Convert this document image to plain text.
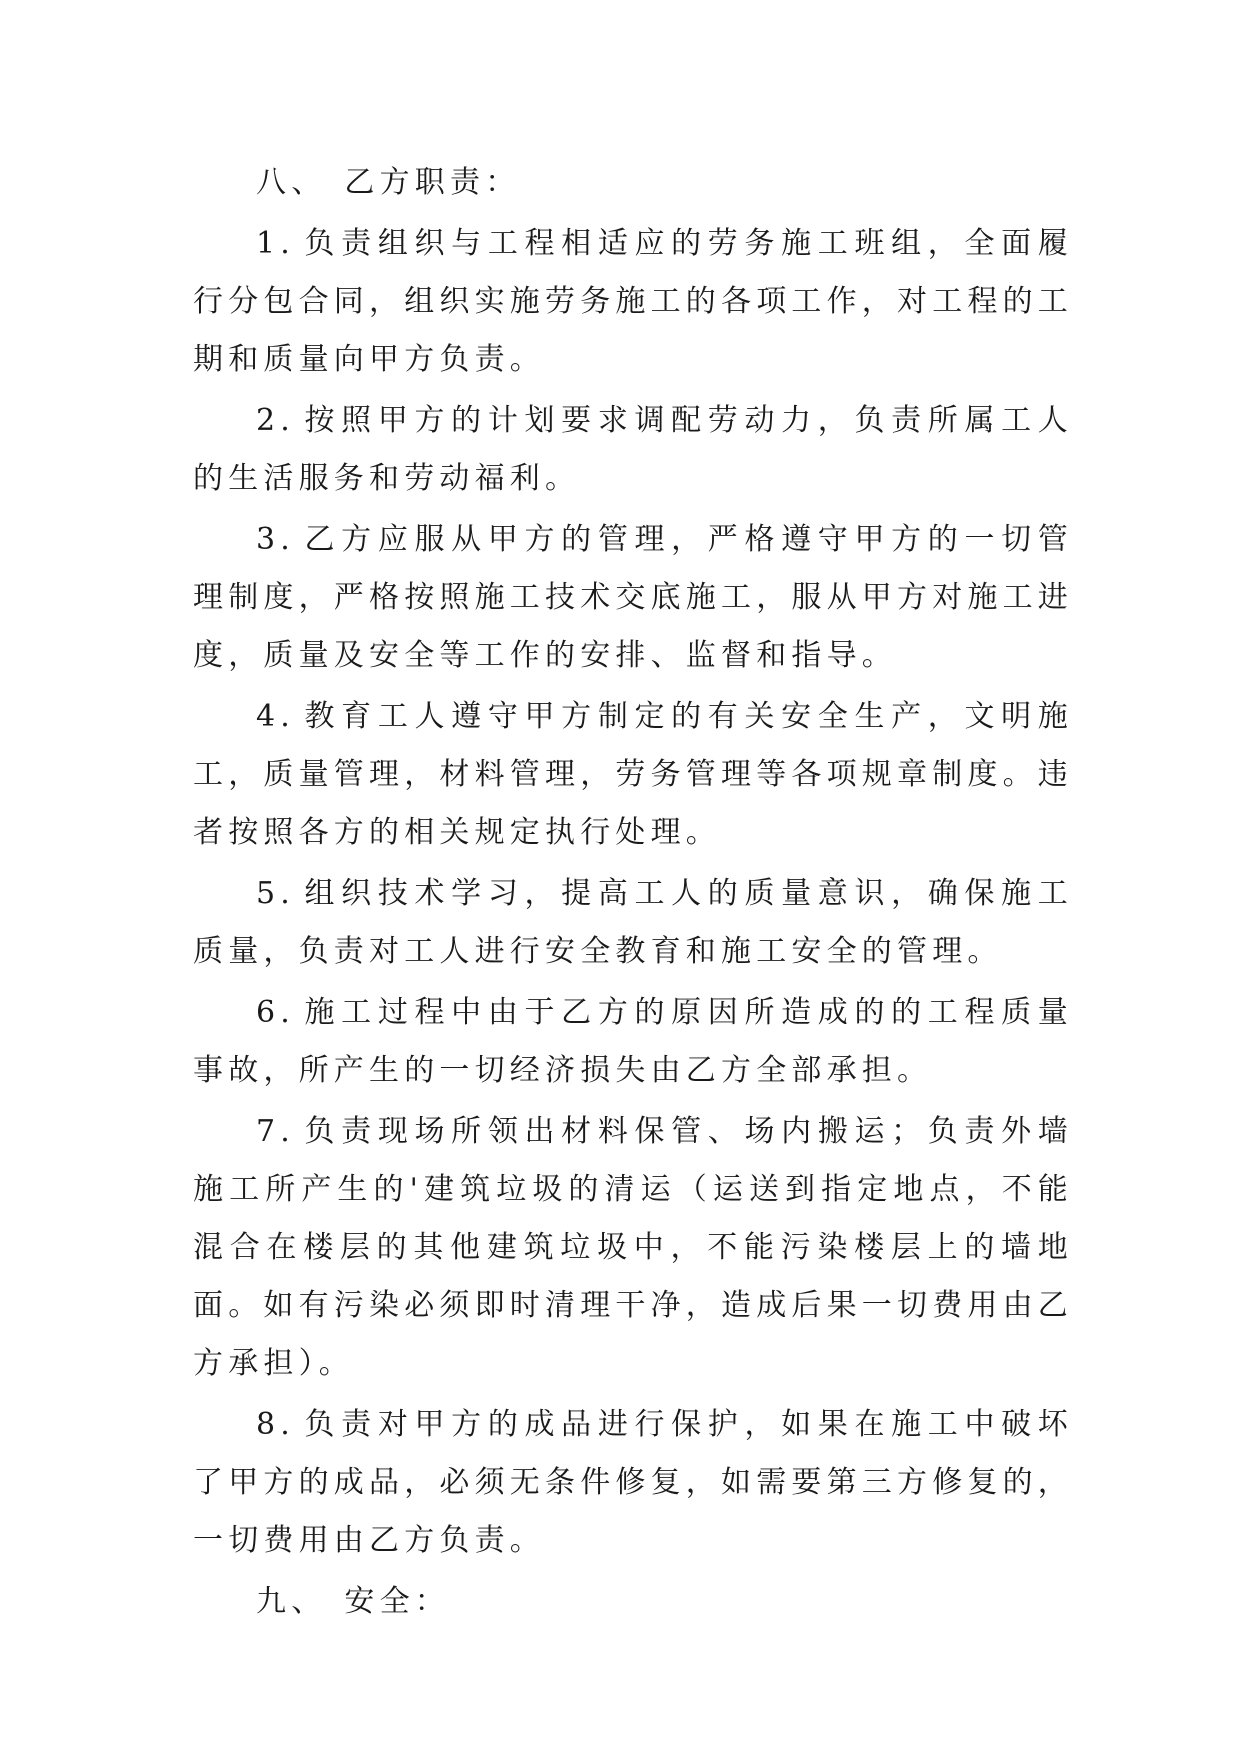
八、 乙方职责：

1. 负责组织与工程相适应的劳务施工班组，全面履行分包合同，组织实施劳务施工的各项工作，对工程的工期和质量向甲方负责。

2. 按照甲方的计划要求调配劳动力，负责所属工人的生活服务和劳动福利。

3. 乙方应服从甲方的管理，严格遵守甲方的一切管理制度，严格按照施工技术交底施工，服从甲方对施工进度，质量及安全等工作的安排、监督和指导。

4. 教育工人遵守甲方制定的有关安全生产，文明施工，质量管理，材料管理，劳务管理等各项规章制度。违者按照各方的相关规定执行处理。

5. 组织技术学习，提高工人的质量意识，确保施工质量，负责对工人进行安全教育和施工安全的管理。

6. 施工过程中由于乙方的原因所造成的的工程质量事故，所产生的一切经济损失由乙方全部承担。

7. 负责现场所领出材料保管、场内搬运；负责外墙施工所产生的'建筑垃圾的清运（运送到指定地点，不能混合在楼层的其他建筑垃圾中，不能污染楼层上的墙地面。如有污染必须即时清理干净，造成后果一切费用由乙方承担）。

8. 负责对甲方的成品进行保护，如果在施工中破坏了甲方的成品，必须无条件修复，如需要第三方修复的，一切费用由乙方负责。

九、 安全：
